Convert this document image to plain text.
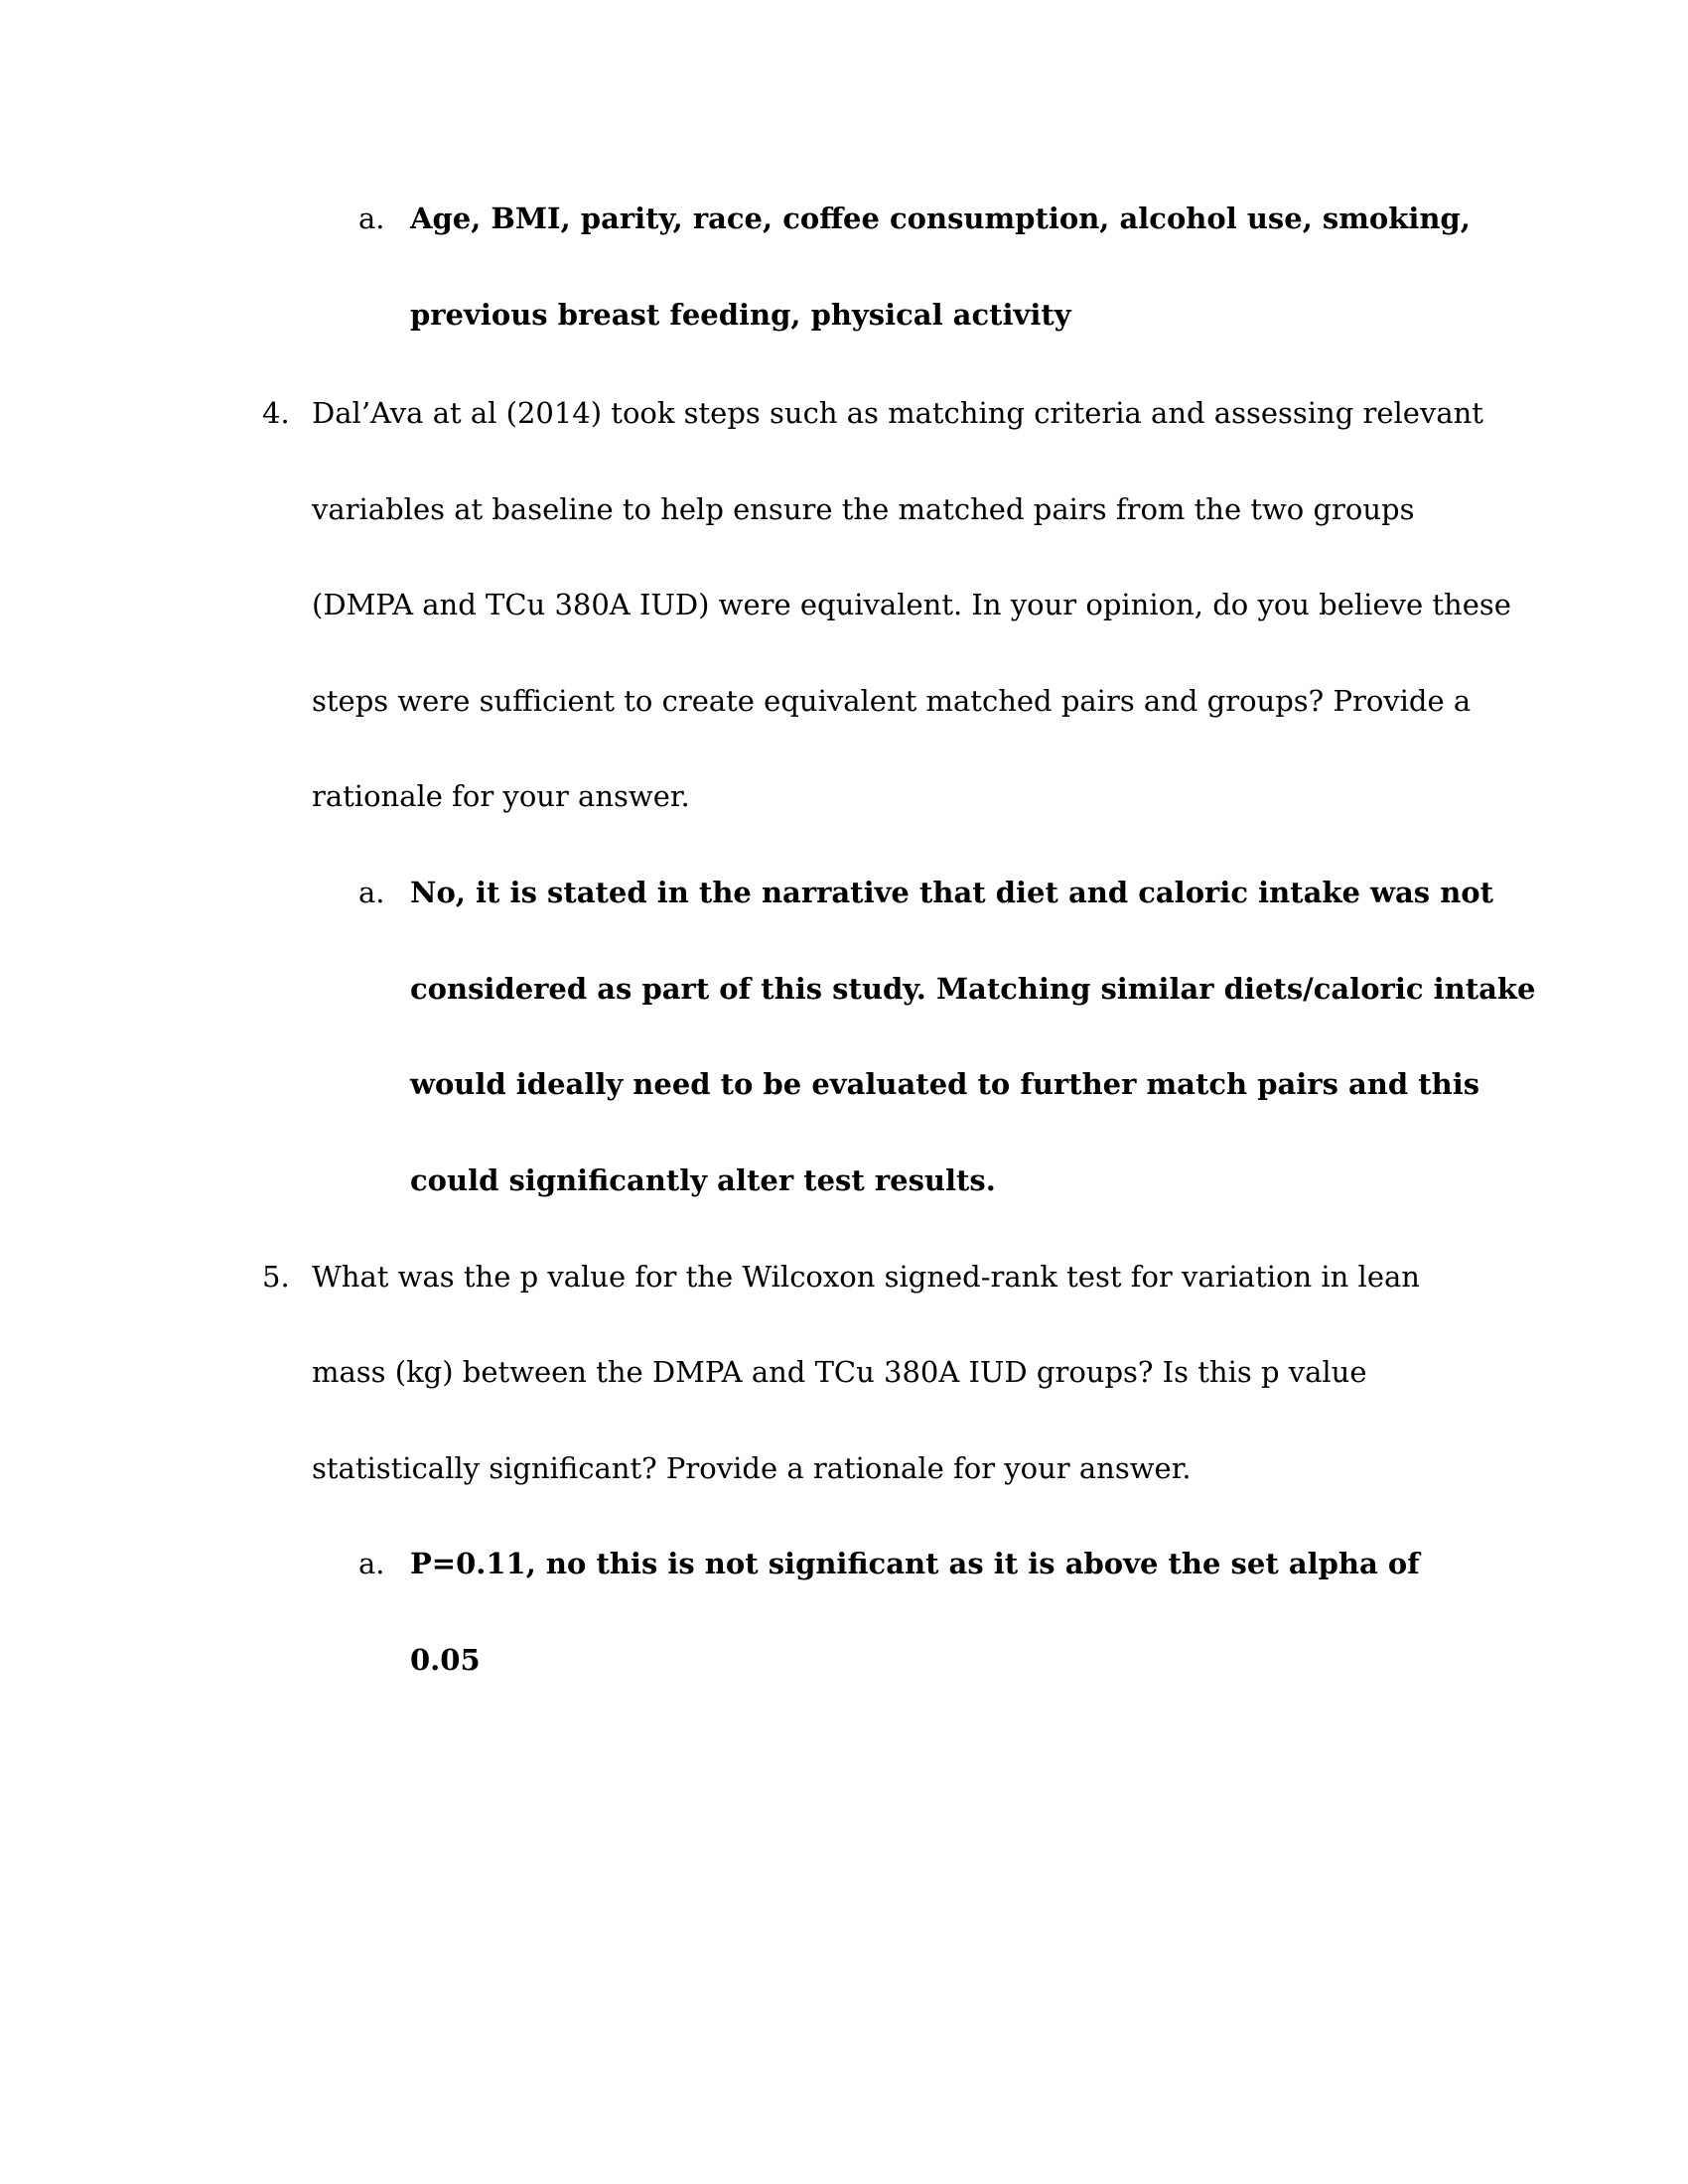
a. Age, BMI, parity, race, coffee consumption, alcohol use, smoking,
previous breast feeding, physical activity
4. Dal’Ava at al (2014) took steps such as matching criteria and assessing relevant
variables at baseline to help ensure the matched pairs from the two groups
(DMPA and TCu 380A IUD) were equivalent. In your opinion, do you believe these
steps were sufficient to create equivalent matched pairs and groups? Provide a
rationale for your answer.
a. No, it is stated in the narrative that diet and caloric intake was not
considered as part of this study. Matching similar diets/caloric intake
would ideally need to be evaluated to further match pairs and this
could significantly alter test results.
5. What was the p value for the Wilcoxon signed-rank test for variation in lean
mass (kg) between the DMPA and TCu 380A IUD groups? Is this p value
statistically significant? Provide a rationale for your answer.
a. P=0.11, no this is not significant as it is above the set alpha of
0.05
